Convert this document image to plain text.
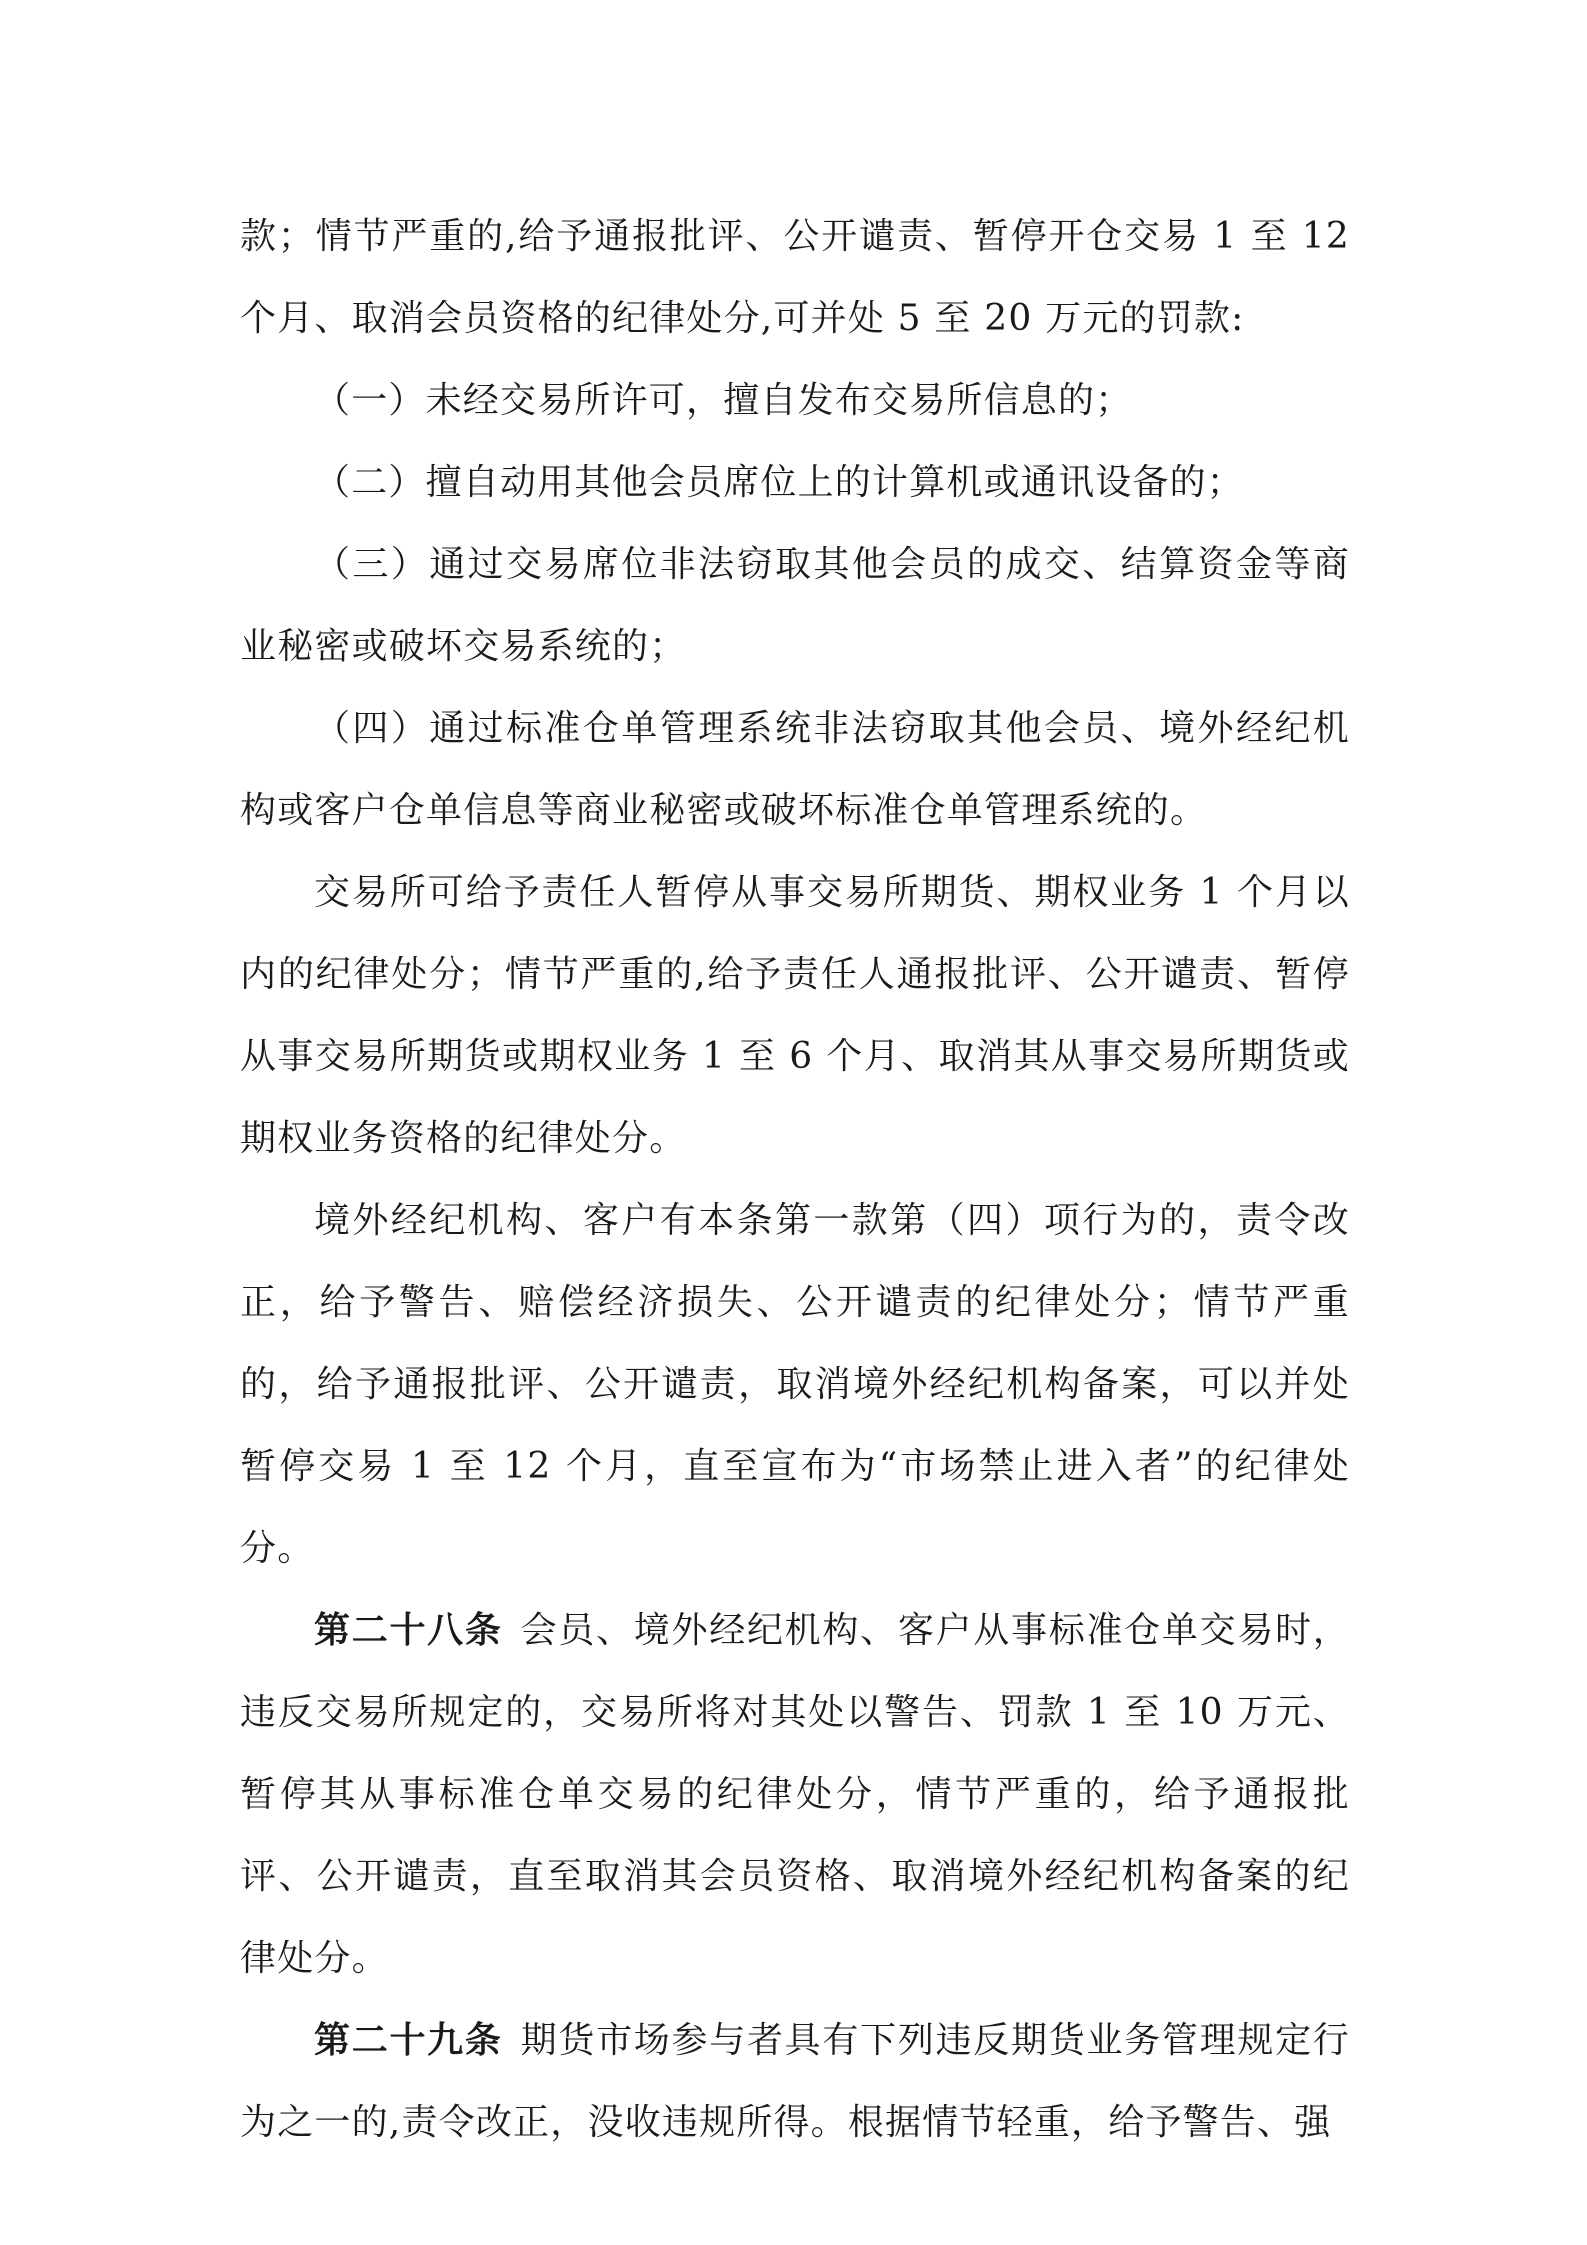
款；情节严重的,给予通报批评、公开谴责、暂停开仓交易 1 至 12 个月、取消会员资格的纪律处分,可并处 5 至 20 万元的罚款:

（一）未经交易所许可，擅自发布交易所信息的；

（二）擅自动用其他会员席位上的计算机或通讯设备的；

（三）通过交易席位非法窃取其他会员的成交、结算资金等商业秘密或破坏交易系统的；

（四）通过标准仓单管理系统非法窃取其他会员、境外经纪机构或客户仓单信息等商业秘密或破坏标准仓单管理系统的。

交易所可给予责任人暂停从事交易所期货、期权业务 1 个月以内的纪律处分；情节严重的,给予责任人通报批评、公开谴责、暂停从事交易所期货或期权业务 1 至 6 个月、取消其从事交易所期货或期权业务资格的纪律处分。

境外经纪机构、客户有本条第一款第（四）项行为的，责令改正，给予警告、赔偿经济损失、公开谴责的纪律处分；情节严重的，给予通报批评、公开谴责，取消境外经纪机构备案，可以并处暂停交易 1 至 12 个月，直至宣布为“市场禁止进入者”的纪律处分。

第二十八条 会员、境外经纪机构、客户从事标准仓单交易时，违反交易所规定的，交易所将对其处以警告、罚款 1 至 10 万元、暂停其从事标准仓单交易的纪律处分，情节严重的，给予通报批评、公开谴责，直至取消其会员资格、取消境外经纪机构备案的纪律处分。

第二十九条 期货市场参与者具有下列违反期货业务管理规定行为之一的,责令改正，没收违规所得。根据情节轻重，给予警告、强
